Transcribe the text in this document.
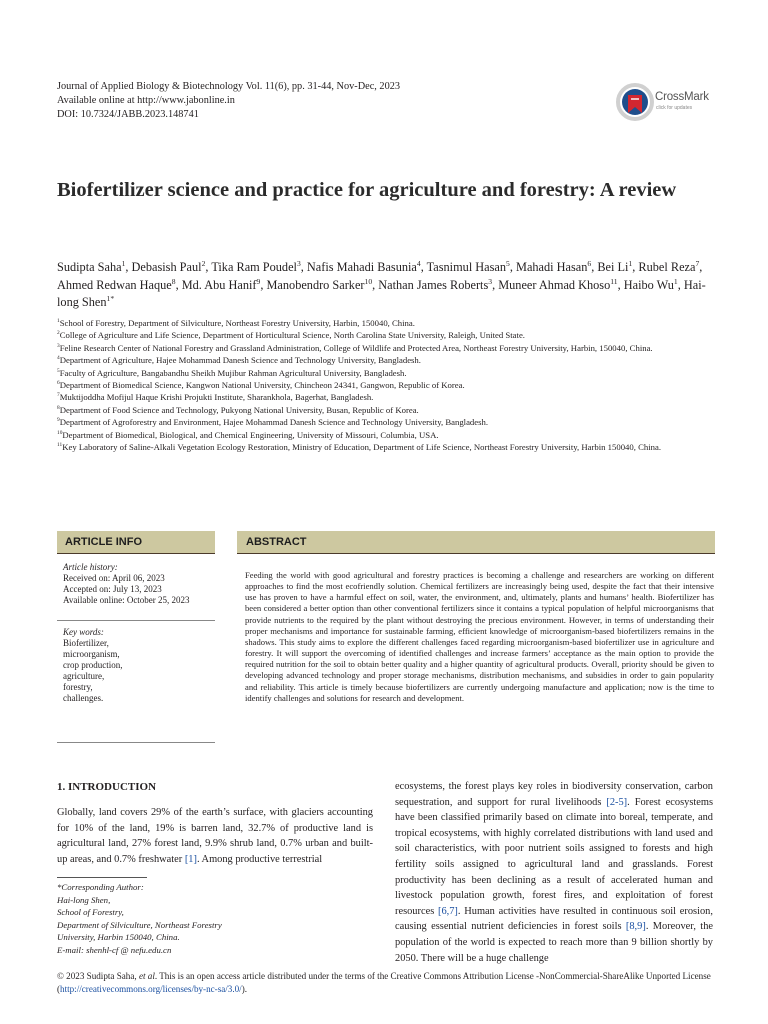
Journal of Applied Biology & Biotechnology Vol. 11(6), pp. 31-44, Nov-Dec, 2023
Available online at http://www.jabonline.in
DOI: 10.7324/JABB.2023.148741
CrossMark
click for updates
Biofertilizer science and practice for agriculture and forestry: A review
Sudipta Saha$^1$, Debasish Paul$^2$, Tika Ram Poudel$^3$, Nafis Mahadi Basunia$^4$, Tasnimul Hasan$^5$, Mahadi Hasan$^6$, Bei Li$^1$, Rubel Reza$^7$, Ahmed Redwan Haque$^8$, Md. Abu Hanif$^9$, Manobendro Sarker$^{10}$, Nathan James Roberts$^3$, Muneer Ahmad Khoso$^{11}$, Haibo Wu$^1$, Hai-long Shen$^{1*}$
$^1$School of Forestry, Department of Silviculture, Northeast Forestry University, Harbin, 150040, China.
$^2$College of Agriculture and Life Science, Department of Horticultural Science, North Carolina State University, Raleigh, United State.
$^3$Feline Research Center of National Forestry and Grassland Administration, College of Wildlife and Protected Area, Northeast Forestry University, Harbin, 150040, China.
$^4$Department of Agriculture, Hajee Mohammad Danesh Science and Technology University, Bangladesh.
$^5$Faculty of Agriculture, Bangabandhu Sheikh Mujibur Rahman Agricultural University, Bangladesh.
$^6$Department of Biomedical Science, Kangwon National University, Chincheon 24341, Gangwon, Republic of Korea.
$^7$Muktijoddha Mofijul Haque Krishi Projukti Institute, Sharankhola, Bagerhat, Bangladesh.
$^8$Department of Food Science and Technology, Pukyong National University, Busan, Republic of Korea.
$^9$Department of Agroforestry and Environment, Hajee Mohammad Danesh Science and Technology University, Bangladesh.
$^{10}$Department of Biomedical, Biological, and Chemical Engineering, University of Missouri, Columbia, USA.
$^{11}$Key Laboratory of Saline-Alkali Vegetation Ecology Restoration, Ministry of Education, Department of Life Science, Northeast Forestry University, Harbin 150040, China.
ARTICLE INFO	ABSTRACT
Article history:
Received on: April 06, 2023
Accepted on: July 13, 2023
Available online: October 25, 2023
Key words:
Biofertilizer,
microorganism,
crop production,
agriculture,
forestry,
challenges.
Feeding the world with good agricultural and forestry practices is becoming a challenge and researchers are working on different approaches to find the most ecofriendly solution. Chemical fertilizers are increasingly being used, despite the fact that their intensive use has proven to have a harmful effect on soil, water, the environment, and, ultimately, plants and humans’ health. Biofertilizer has been considered a better option than other conventional fertilizers since it contains a typical population of helpful microorganisms that provide nutrients to the required by the plant without destroying the precious environment. However, in terms of understanding their proper mechanisms and importance for sustainable farming, efficient knowledge of microorganism-based biofertilizers remains in the shadows. This study aims to explore the different challenges faced regarding microorganism-based biofertilizer use in agriculture and forestry. It will support the overcoming of identified challenges and increase farmers’ acceptance as the main option to provide the required nutrition for the soil to obtain better quality and a higher quantity of agricultural products. Overall, priority should be given to developing advanced technology and proper storage mechanisms, distribution mechanisms, and subsidies in order to gain popularity and reliability. This article is timely because biofertilizers are currently undergoing manufacture and application; now is the time to identify challenges and solutions for research and development.
1. INTRODUCTION
Globally, land covers 29% of the earth’s surface, with glaciers accounting for 10% of the land, 19% is barren land, 32.7% of productive land is agricultural land, 27% forest land, 9.9% shrub land, 0.7% urban and built-up areas, and 0.7% freshwater [1]. Among productive terrestrial
ecosystems, the forest plays key roles in biodiversity conservation, carbon sequestration, and support for rural livelihoods [2-5]. Forest ecosystems have been classified primarily based on climate into boreal, temperate, and tropical ecosystems, with highly correlated distributions with land used and soil characteristics, with poor nutrient soils assigned to forests and high fertility soils assigned to agricultural land and grasslands. Forest productivity has been declining as a result of accelerated human and livestock population growth, forest fires, and exploitation of forest resources [6,7]. Human activities have resulted in continuous soil erosion, causing essential nutrient deficiencies in forest soils [8,9]. Moreover, the population of the world is expected to reach more than 9 billion shortly by 2050. There will be a huge challenge
*Corresponding Author:
Hai-long Shen,
School of Forestry,
Department of Silviculture, Northeast Forestry
University, Harbin 150040, China.
E-mail: shenhl-cf @ nefu.edu.cn
© 2023 Sudipta Saha, et al. This is an open access article distributed under the terms of the Creative Commons Attribution License -NonCommercial-ShareAlike Unported License (http://creativecommons.org/licenses/by-nc-sa/3.0/).
